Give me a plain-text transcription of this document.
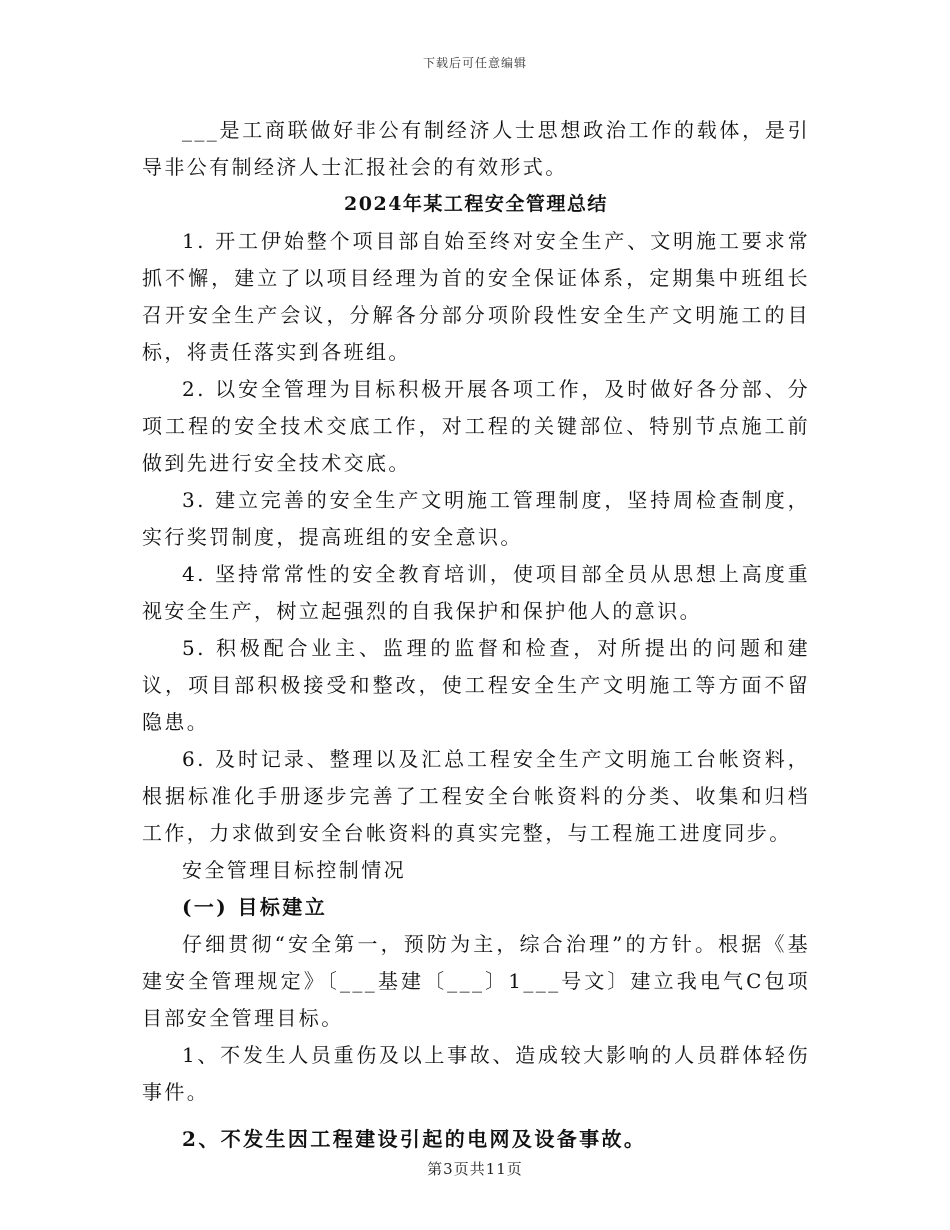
下载后可任意编辑

___是工商联做好非公有制经济人士思想政治工作的载体，是引导非公有制经济人士汇报社会的有效形式。

2024年某工程安全管理总结

1. 开工伊始整个项目部自始至终对安全生产、文明施工要求常抓不懈，建立了以项目经理为首的安全保证体系，定期集中班组长召开安全生产会议，分解各分部分项阶段性安全生产文明施工的目标，将责任落实到各班组。

2. 以安全管理为目标积极开展各项工作，及时做好各分部、分项工程的安全技术交底工作，对工程的关键部位、特别节点施工前做到先进行安全技术交底。

3. 建立完善的安全生产文明施工管理制度，坚持周检查制度，实行奖罚制度，提高班组的安全意识。

4. 坚持常常性的安全教育培训，使项目部全员从思想上高度重视安全生产，树立起强烈的自我保护和保护他人的意识。

5. 积极配合业主、监理的监督和检查，对所提出的问题和建议，项目部积极接受和整改，使工程安全生产文明施工等方面不留隐患。

6. 及时记录、整理以及汇总工程安全生产文明施工台帐资料，根据标准化手册逐步完善了工程安全台帐资料的分类、收集和归档工作，力求做到安全台帐资料的真实完整，与工程施工进度同步。

安全管理目标控制情况

(一) 目标建立

仔细贯彻“安全第一，预防为主，综合治理”的方针。根据《基建安全管理规定》〔___基建〔___〕1___号文〕建立我电气C包项目部安全管理目标。

1、不发生人员重伤及以上事故、造成较大影响的人员群体轻伤事件。

2、不发生因工程建设引起的电网及设备事故。

第3页共11页
